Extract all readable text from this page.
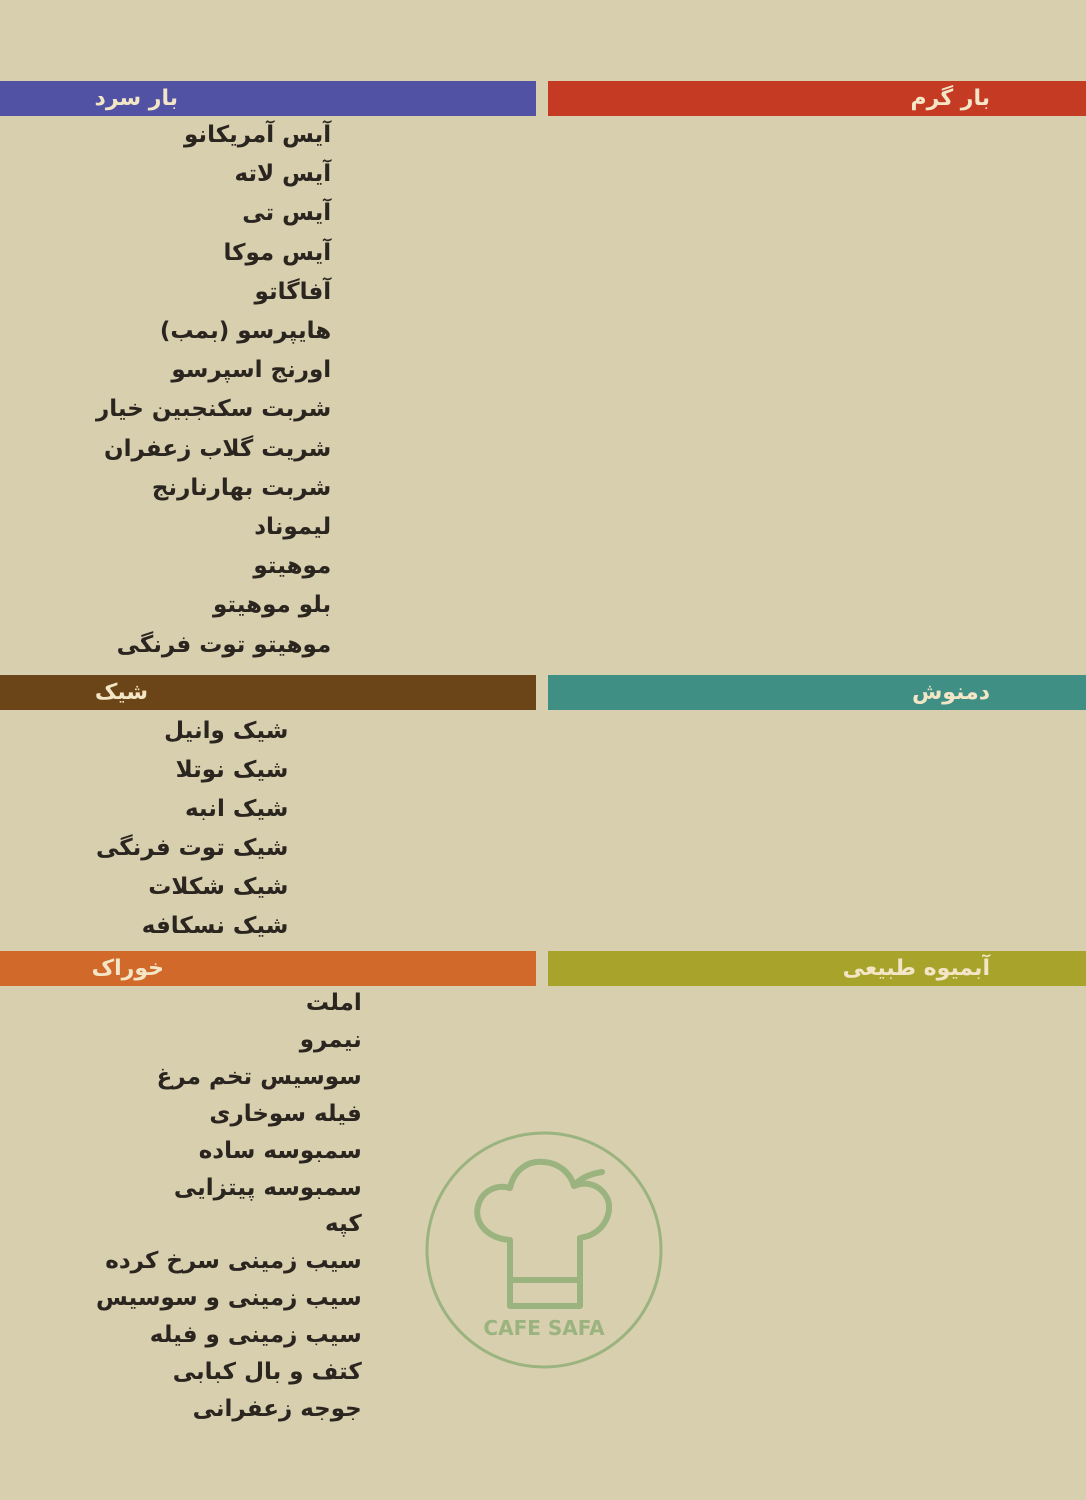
بار گرم
بار سرد
آیس آمریکانو
آیس لاته
آیس تی
آیس موکا
آفاگاتو
هایپرسو (بمب)
اورنج اسپرسو
شربت سکنجبین خیار
شریت گلاب زعفران
شربت بهارنارنج
لیموناد
موهیتو
بلو موهیتو
موهیتو توت فرنگی
دمنوش
شیک
شیک وانیل
شیک نوتلا
شیک انبه
شیک توت فرنگی
شیک شکلات
شیک نسکافه
آبمیوه طبیعی
خوراک
املت
نیمرو
سوسیس تخم مرغ
فیله سوخاری
سمبوسه ساده
سمبوسه پیتزایی
کپه
سیب زمینی سرخ کرده
سیب زمینی و سوسیس
سیب زمینی و فیله
کتف و بال کبابی
جوجه زعفرانی
CAFE SAFA
